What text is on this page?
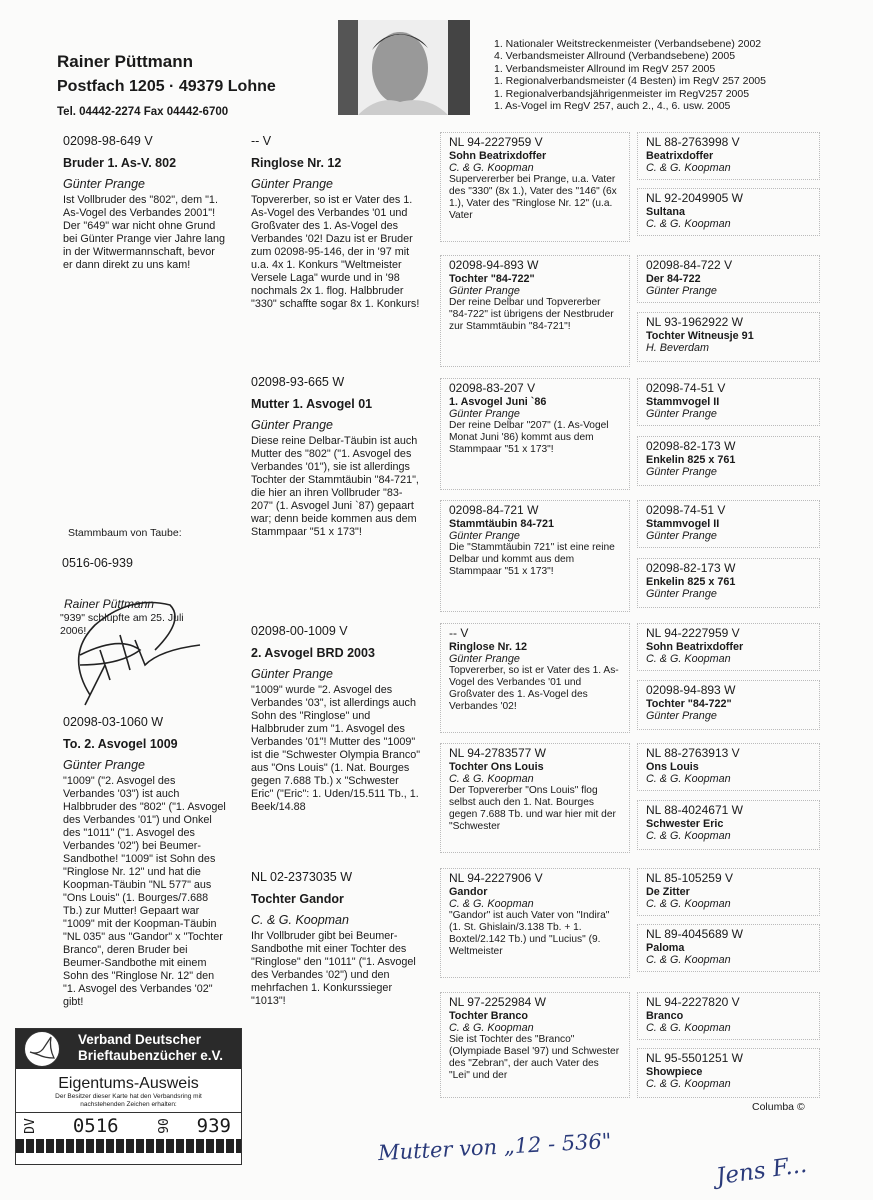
Rainer Püttmann
Postfach 1205 · 49379 Lohne
Tel. 04442-2274 Fax 04442-6700
1. Nationaler Weitstreckenmeister (Verbandsebene) 2002
4. Verbandsmeister Allround (Verbandsebene) 2005
1. Verbandsmeister Allround im RegV 257 2005
1. Regionalverbandsmeister (4 Besten) im RegV 257 2005
1. Regionalverbandsjährigenmeister im RegV257 2005
1. As-Vogel im RegV 257, auch 2., 4., 6. usw. 2005
Stammbaum von Taube:
0516-06-939
Rainer Püttmann
"939" schlüpfte am 25. Juli 2006!
02098-98-649 V
Bruder 1. As-V. 802
Günter Prange
Ist Vollbruder des "802", dem "1. As-Vogel des Verbandes 2001"! Der "649" war nicht ohne Grund bei Günter Prange vier Jahre lang in der Witwermannschaft, bevor er dann direkt zu uns kam!
02098-03-1060 W
To. 2. Asvogel 1009
Günter Prange
"1009" ("2. Asvogel des Verbandes '03") ist auch Halbbruder des "802" ("1. Asvogel des Verbandes '01") und Onkel des "1011" ("1. Asvogel des Verbandes '02") bei Beumer-Sandbothe! "1009" ist Sohn des "Ringlose Nr. 12" und hat die Koopman-Täubin "NL 577" aus "Ons Louis" (1. Bourges/7.688 Tb.) zur Mutter! Gepaart war "1009" mit der Koopman-Täubin "NL 035" aus "Gandor" x "Tochter Branco", deren Bruder bei Beumer-Sandbothe mit einem Sohn des "Ringlose Nr. 12" den "1. Asvogel des Verbandes '02" gibt!
-- V
Ringlose Nr. 12
Günter Prange
Topvererber, so ist er Vater des 1. As-Vogel des Verbandes '01 und Großvater des 1. As-Vogel des Verbandes '02! Dazu ist er Bruder zum 02098-95-146, der in '97 mit u.a. 4x 1. Konkurs "Weltmeister Versele Laga" wurde und in '98 nochmals 2x 1. flog. Halbbruder "330" schaffte sogar 8x 1. Konkurs!
02098-93-665 W
Mutter 1. Asvogel 01
Günter Prange
Diese reine Delbar-Täubin ist auch Mutter des "802" ("1. Asvogel des Verbandes '01"), sie ist allerdings Tochter der Stammtäubin "84-721", die hier an ihren Vollbruder "83-207" (1. Asvogel Juni `87) gepaart war; denn beide kommen aus dem Stammpaar "51 x 173"!
02098-00-1009 V
2. Asvogel BRD 2003
Günter Prange
"1009" wurde "2. Asvogel des Verbandes '03", ist allerdings auch Sohn des "Ringlose" und Halbbruder zum "1. Asvogel des Verbandes '01"! Mutter des "1009" ist die "Schwester Olympia Branco" aus "Ons Louis" (1. Nat. Bourges gegen 7.688 Tb.) x "Schwester Eric" ("Eric": 1. Uden/15.511 Tb., 1. Beek/14.88
NL 02-2373035 W
Tochter Gandor
C. & G. Koopman
Ihr Vollbruder gibt bei Beumer-Sandbothe mit einer Tochter des "Ringlose" den "1011" ("1. Asvogel des Verbandes '02") und den mehrfachen 1. Konkurssieger "1013"!
NL 94-2227959 V
Sohn Beatrixdoffer
C. & G. Koopman
Supervererber bei Prange, u.a. Vater des "330" (8x 1.), Vater des "146" (6x 1.), Vater des "Ringlose Nr. 12" (u.a. Vater
02098-94-893 W
Tochter "84-722"
Günter Prange
Der reine Delbar und Topvererber "84-722" ist übrigens der Nestbruder zur Stammtäubin "84-721"!
02098-83-207 V
1. Asvogel Juni `86
Günter Prange
Der reine Delbar "207" (1. As-Vogel Monat Juni '86) kommt aus dem Stammpaar "51 x 173"!
02098-84-721 W
Stammtäubin 84-721
Günter Prange
Die "Stammtäubin 721" ist eine reine Delbar und kommt aus dem Stammpaar "51 x 173"!
-- V
Ringlose Nr. 12
Günter Prange
Topvererber, so ist er Vater des 1. As-Vogel des Verbandes '01 und Großvater des 1. As-Vogel des Verbandes '02!
NL 94-2783577 W
Tochter Ons Louis
C. & G. Koopman
Der Topvererber "Ons Louis" flog selbst auch den 1. Nat. Bourges gegen 7.688 Tb. und war hier mit der "Schwester
NL 94-2227906 V
Gandor
C. & G. Koopman
"Gandor" ist auch Vater von "Indira" (1. St. Ghislain/3.138 Tb. + 1. Boxtel/2.142 Tb.) und "Lucius" (9. Weltmeister
NL 97-2252984 W
Tochter Branco
C. & G. Koopman
Sie ist Tochter des "Branco" (Olympiade Basel '97) und Schwester des "Zebran", der auch Vater des "Lei" und der
NL 88-2763998 V
Beatrixdoffer
C. & G. Koopman
NL 92-2049905 W
Sultana
C. & G. Koopman
02098-84-722 V
Der 84-722
Günter Prange
NL 93-1962922 W
Tochter Witneusje 91
H. Beverdam
02098-74-51 V
Stammvogel II
Günter Prange
02098-82-173 W
Enkelin 825 x 761
Günter Prange
02098-74-51 V
Stammvogel II
Günter Prange
02098-82-173 W
Enkelin 825 x 761
Günter Prange
NL 94-2227959 V
Sohn Beatrixdoffer
C. & G. Koopman
02098-94-893 W
Tochter "84-722"
Günter Prange
NL 88-2763913 V
Ons Louis
C. & G. Koopman
NL 88-4024671 W
Schwester Eric
C. & G. Koopman
NL 85-105259 V
De Zitter
C. & G. Koopman
NL 89-4045689 W
Paloma
C. & G. Koopman
NL 94-2227820 V
Branco
C. & G. Koopman
NL 95-5501251 W
Showpiece
C. & G. Koopman
Verband Deutscher Brieftaubenzücher e.V.
Eigentums-Ausweis
Der Besitzer dieser Karte hat den Verbandsring mit nachstehenden Zeichen erhalten:
DV	0516	06 939
Columba ©
Mutter von „12 - 536"
Jens F...
